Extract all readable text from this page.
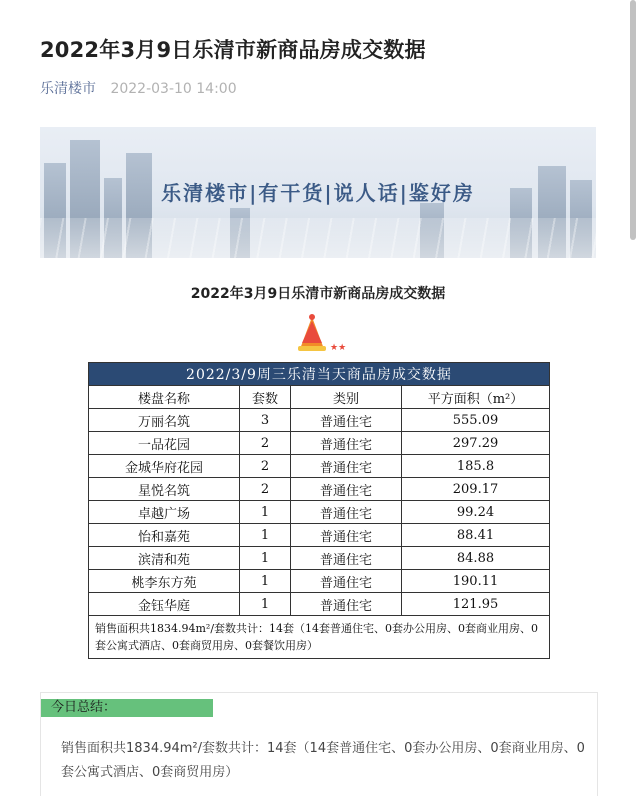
2022年3月9日乐清市新商品房成交数据
乐清楼市 2022-03-10 14:00
乐清楼市|有干货|说人话|鉴好房
2022年3月9日乐清市新商品房成交数据
★★
2022/3/9周三乐清当天商品房成交数据			
楼盘名称	套数	类别	平方面积（m²）
万丽名筑	3	普通住宅	555.09
一品花园	2	普通住宅	297.29
金城华府花园	2	普通住宅	185.8
星悦名筑	2	普通住宅	209.17
卓越广场	1	普通住宅	99.24
怡和嘉苑	1	普通住宅	88.41
滨清和苑	1	普通住宅	84.88
桃李东方苑	1	普通住宅	190.11
金钰华庭	1	普通住宅	121.95
销售面积共1834.94m²/套数共计：14套（14套普通住宅、0套办公用房、0套商业用房、0套公寓式酒店、0套商贸用房、0套餐饮用房）			
今日总结：
销售面积共1834.94m²/套数共计：14套（14套普通住宅、0套办公用房、0套商业用房、0套公寓式酒店、0套商贸用房）
